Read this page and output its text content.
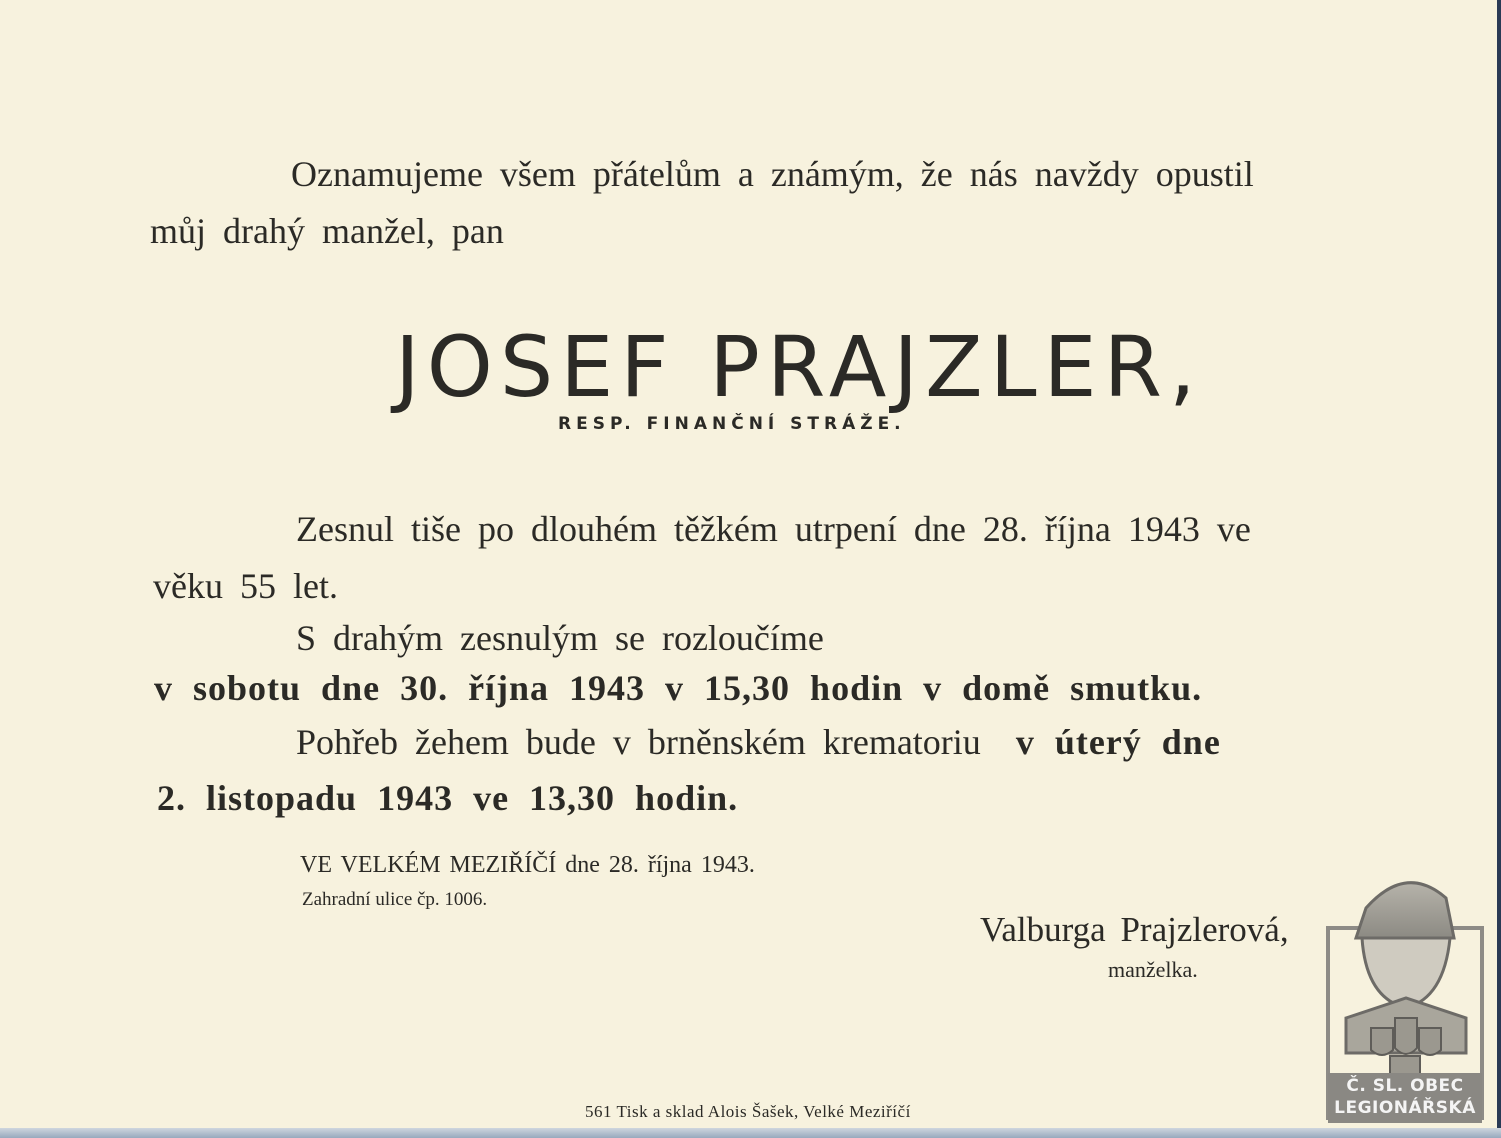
Oznamujeme všem přátelům a známým, že nás navždy opustil
můj drahý manžel, pan
JOSEF PRAJZLER,
RESP. FINANČNÍ STRÁŽE.
Zesnul tiše po dlouhém těžkém utrpení dne 28. října 1943 ve
věku 55 let.
S drahým zesnulým se rozloučíme
v sobotu dne 30. října 1943 v 15,30 hodin v domě smutku.
Pohřeb žehem bude v brněnském krematoriu v úterý dne
2. listopadu 1943 ve 13,30 hodin.
VE VELKÉM MEZIŘÍČÍ dne 28. října 1943.
Zahradní ulice čp. 1006.
Valburga Prajzlerová,
manželka.
561 Tisk a sklad Alois Šašek, Velké Meziříčí
Č. SL. OBEC
LEGIONÁŘSKÁ
